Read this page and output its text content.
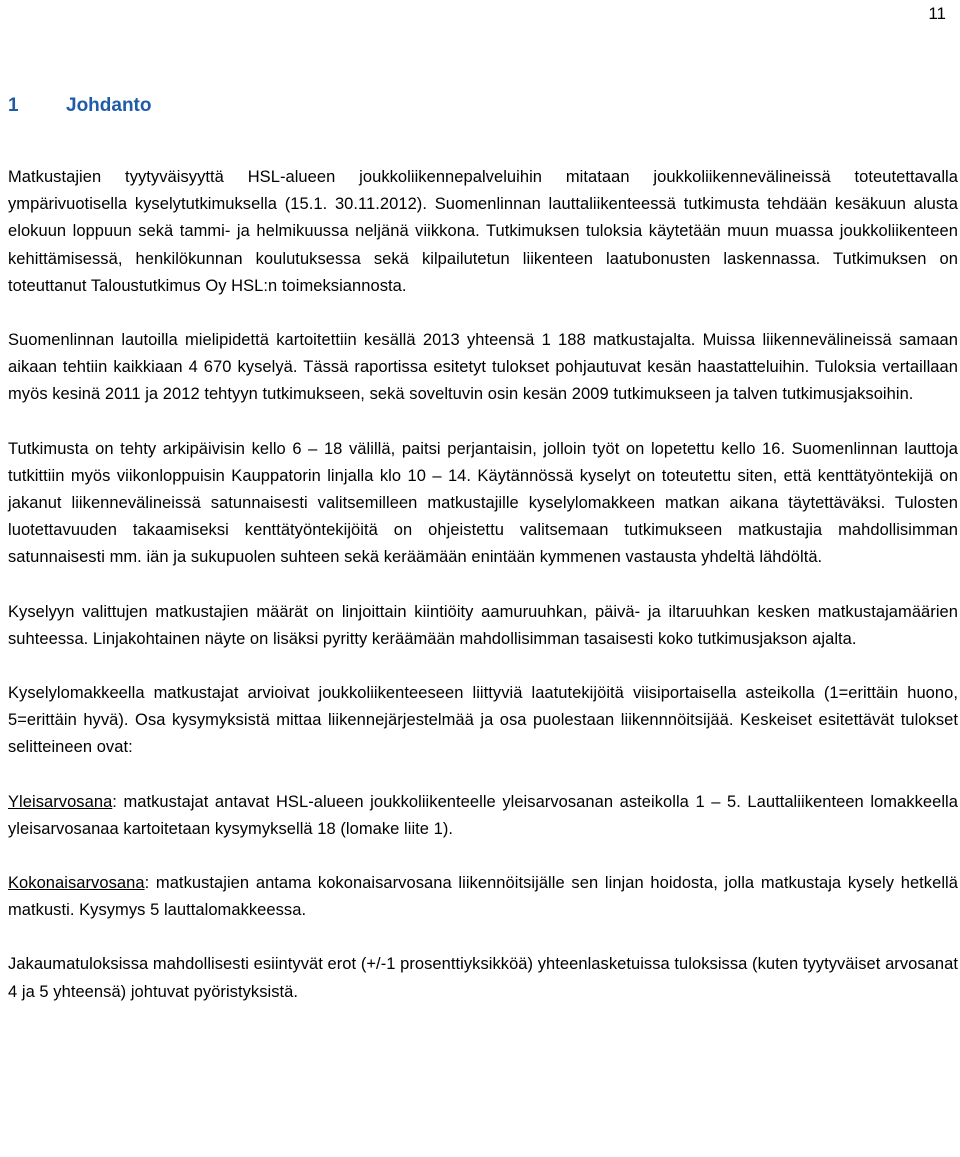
11
1 Johdanto

Matkustajien tyytyväisyyttä HSL-alueen joukkoliikennepalveluihin mitataan joukkoliikennevälineissä toteutettavalla ympärivuotisella kyselytutkimuksella (15.1. 30.11.2012). Suomenlinnan lauttaliikenteessä tutkimusta tehdään kesäkuun alusta elokuun loppuun sekä tammi- ja helmikuussa neljänä viikkona. Tutkimuksen tuloksia käytetään muun muassa joukkoliikenteen kehittämisessä, henkilökunnan koulutuksessa sekä kilpailutetun liikenteen laatubonusten laskennassa. Tutkimuksen on toteuttanut Taloustutkimus Oy HSL:n toimeksiannosta.

Suomenlinnan lautoilla mielipidettä kartoitettiin kesällä 2013 yhteensä 1 188 matkustajalta. Muissa liikennevälineissä samaan aikaan tehtiin kaikkiaan 4 670 kyselyä. Tässä raportissa esitetyt tulokset pohjautuvat kesän haastatteluihin. Tuloksia vertaillaan myös kesinä 2011 ja 2012 tehtyyn tutkimukseen, sekä soveltuvin osin kesän 2009 tutkimukseen ja talven tutkimusjaksoihin.

Tutkimusta on tehty arkipäivisin kello 6 – 18 välillä, paitsi perjantaisin, jolloin työt on lopetettu kello 16. Suomenlinnan lauttoja tutkittiin myös viikonloppuisin Kauppatorin linjalla klo 10 – 14. Käytännössä kyselyt on toteutettu siten, että kenttätyöntekijä on jakanut liikennevälineissä satunnaisesti valitsemilleen matkustajille kyselylomakkeen matkan aikana täytettäväksi. Tulosten luotettavuuden takaamiseksi kenttätyöntekijöitä on ohjeistettu valitsemaan tutkimukseen matkustajia mahdollisimman satunnaisesti mm. iän ja sukupuolen suhteen sekä keräämään enintään kymmenen vastausta yhdeltä lähdöltä.

Kyselyyn valittujen matkustajien määrät on linjoittain kiintiöity aamuruuhkan, päivä- ja iltaruuhkan kesken matkustajamäärien suhteessa. Linjakohtainen näyte on lisäksi pyritty keräämään mahdollisimman tasaisesti koko tutkimusjakson ajalta.

Kyselylomakkeella matkustajat arvioivat joukkoliikenteeseen liittyviä laatutekijöitä viisiportaisella asteikolla (1=erittäin huono, 5=erittäin hyvä). Osa kysymyksistä mittaa liikennejärjestelmää ja osa puolestaan liikennnöitsijää. Keskeiset esitettävät tulokset selitteineen ovat:

Yleisarvosana: matkustajat antavat HSL-alueen joukkoliikenteelle yleisarvosanan asteikolla 1 – 5. Lauttaliikenteen lomakkeella yleisarvosanaa kartoitetaan kysymyksellä 18 (lomake liite 1).

Kokonaisarvosana: matkustajien antama kokonaisarvosana liikennöitsijälle sen linjan hoidosta, jolla matkustaja kysely hetkellä matkusti. Kysymys 5 lauttalomakkeessa.

Jakaumatuloksissa mahdollisesti esiintyvät erot (+/-1 prosenttiyksikköä) yhteenlasketuissa tuloksissa (kuten tyytyväiset arvosanat 4 ja 5 yhteensä) johtuvat pyöristyksistä.
